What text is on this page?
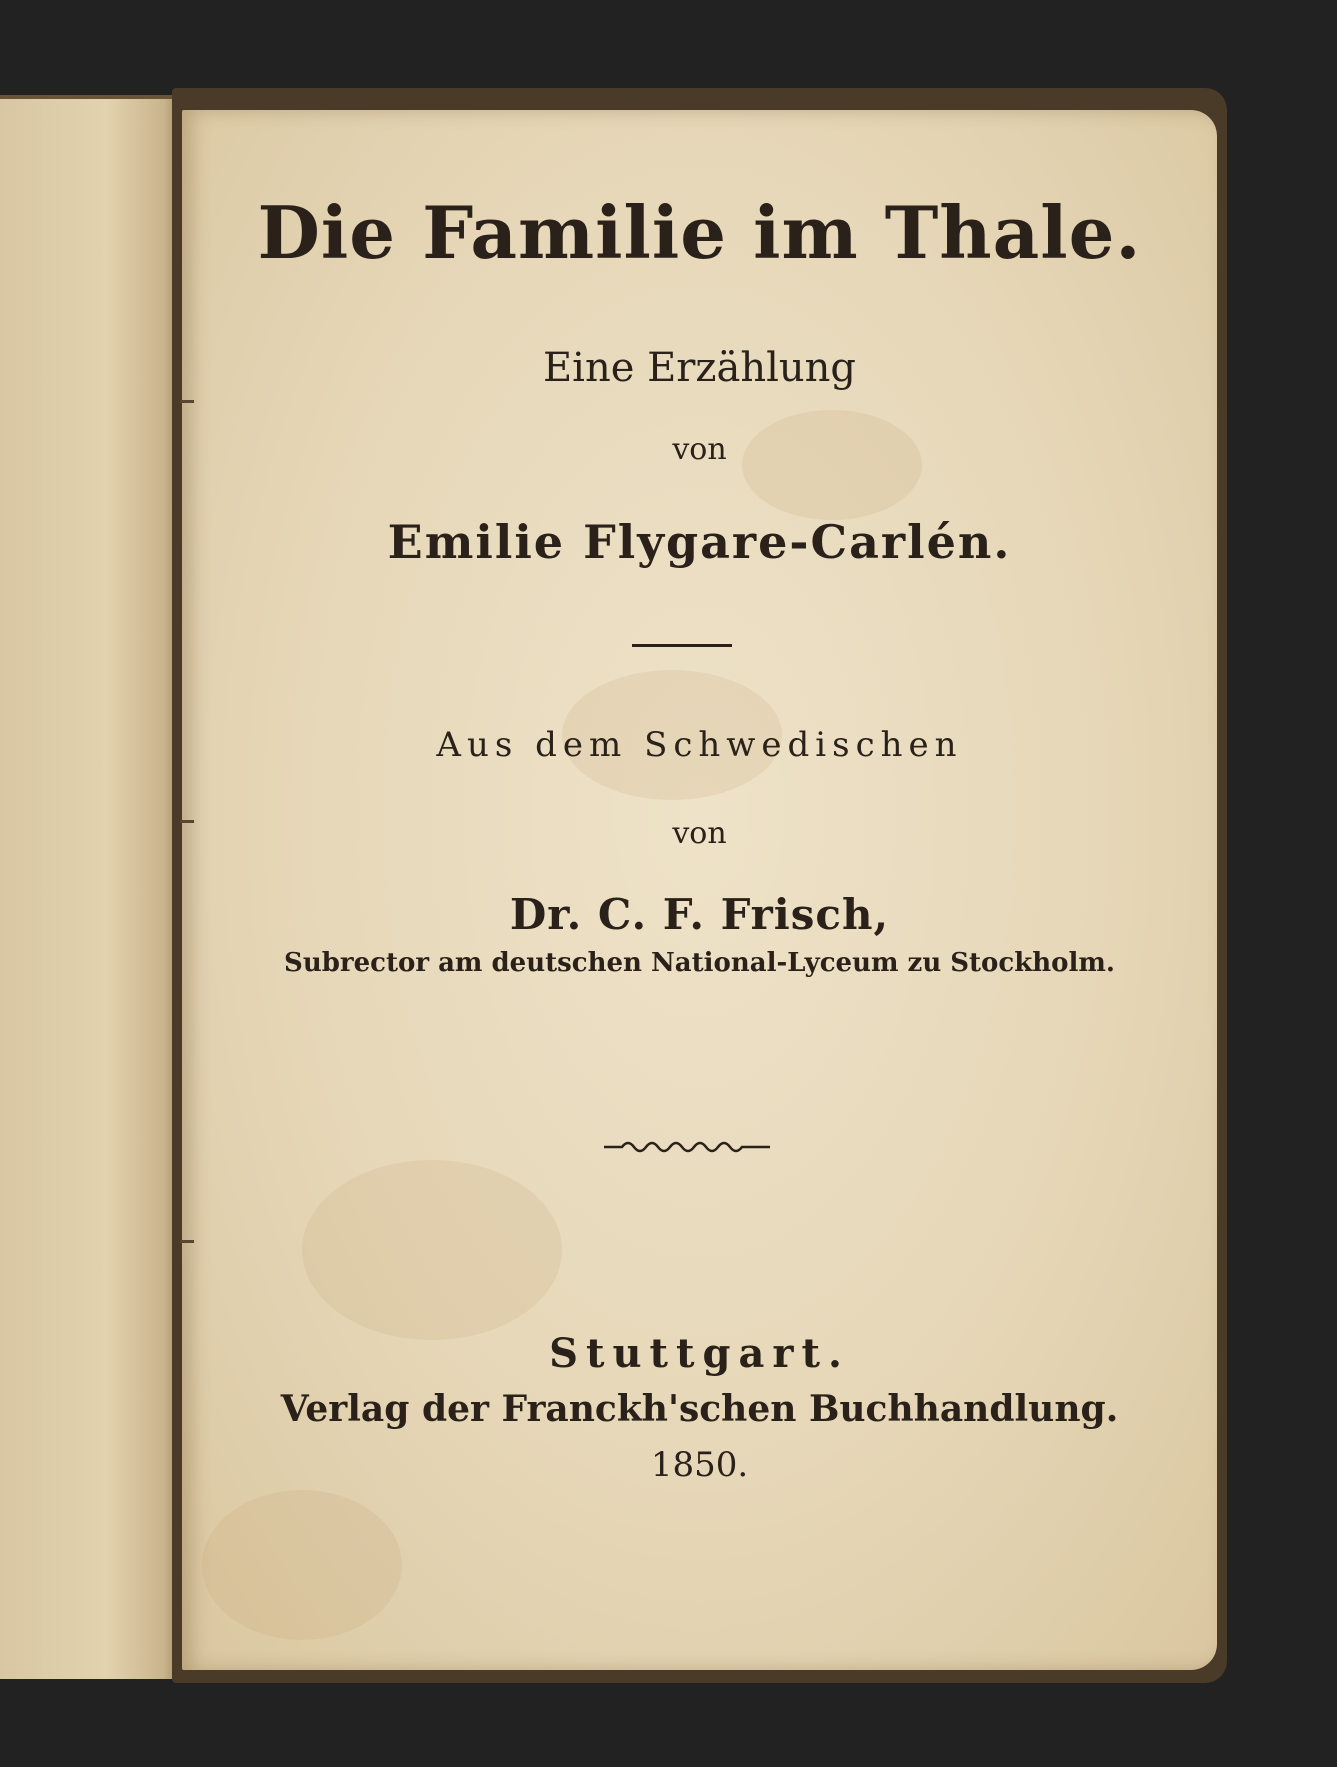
Die Familie im Thale.
Eine Erzählung
von
Emilie Flygare-Carlén.
Aus dem Schwedischen
von
Dr. C. F. Frisch,
Subrector am deutschen National-Lyceum zu Stockholm.
Stuttgart.
Verlag der Franckh'schen Buchhandlung.
1850.
